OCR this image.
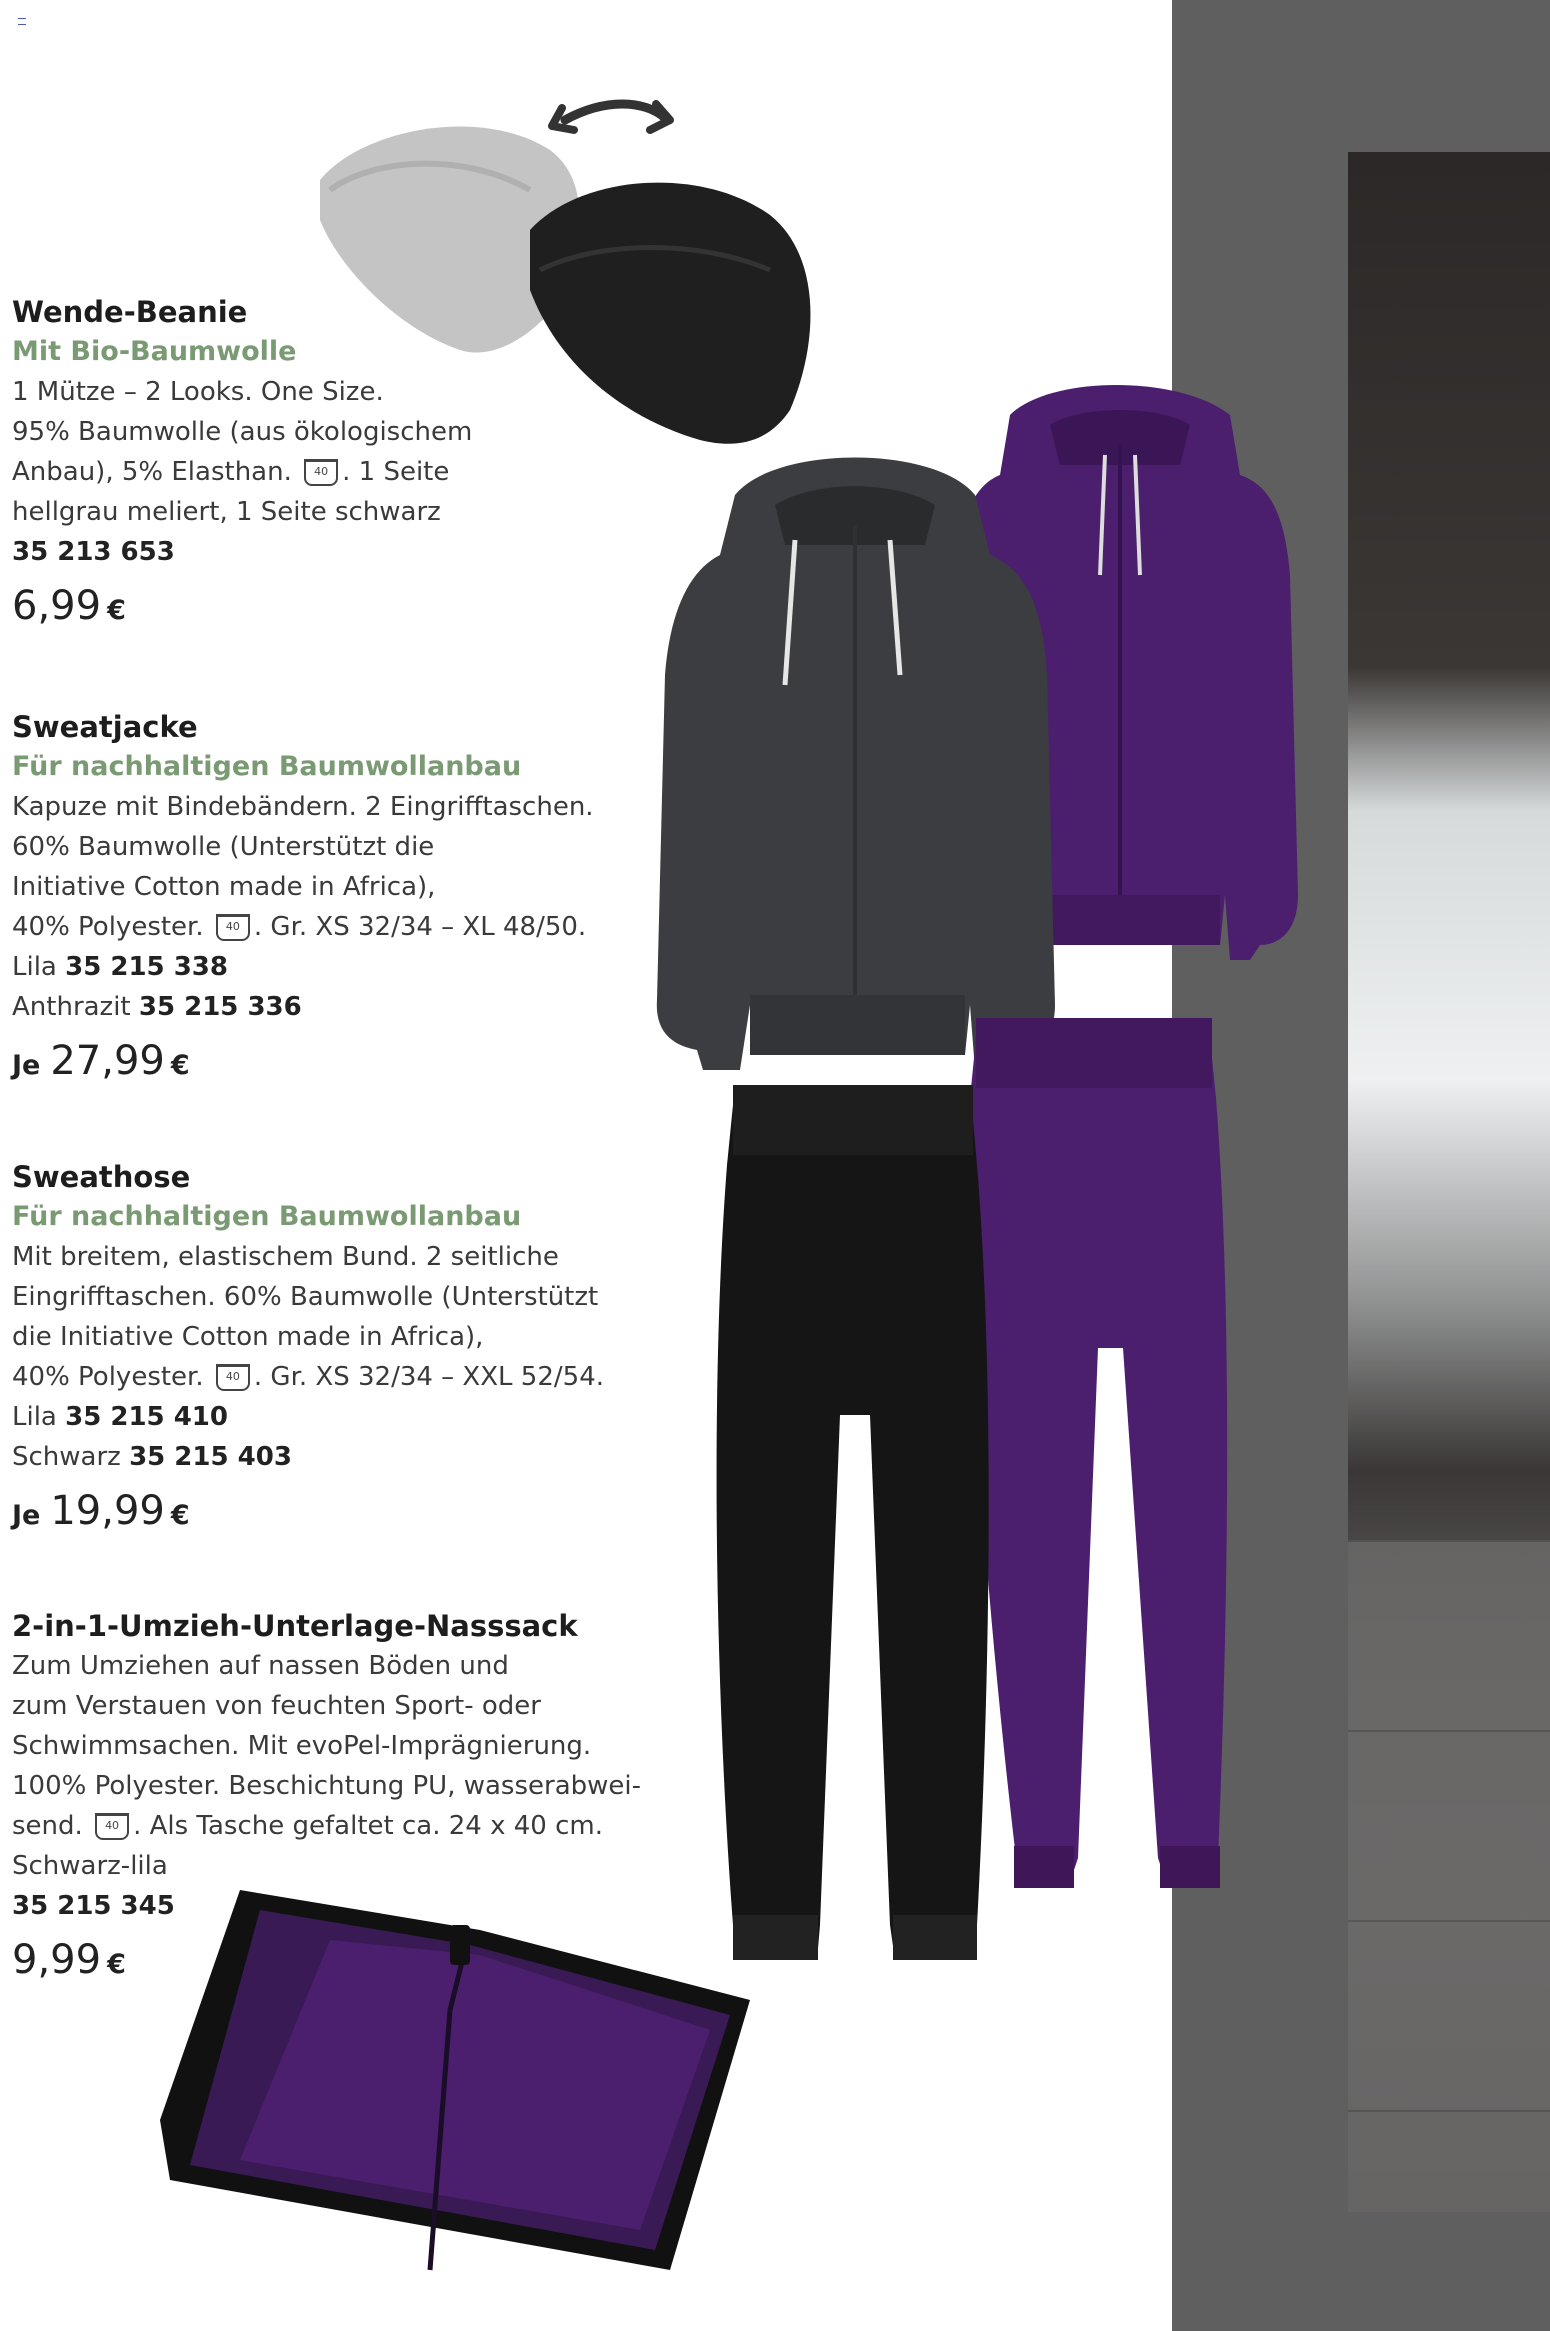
Wende-Beanie

Mit Bio-Baumwolle

1 Mütze – 2 Looks. One Size.

95% Baumwolle (aus ökologischem

Anbau), 5% Elasthan. 40 . 1 Seite

hellgrau meliert, 1 Seite schwarz

35 213 653

6,99 €

Sweatjacke

Für nachhaltigen Baumwollanbau

Kapuze mit Bindebändern. 2 Eingrifftaschen.

60% Baumwolle (Unterstützt die

Initiative Cotton made in Africa),

40% Polyester. 40 . Gr. XS 32/34 – XL 48/50.

Lila 35 215 338

Anthrazit 35 215 336

Je 27,99 €

Sweathose

Für nachhaltigen Baumwollanbau

Mit breitem, elastischem Bund. 2 seitliche

Eingrifftaschen. 60% Baumwolle (Unterstützt

die Initiative Cotton made in Africa),

40% Polyester. 40 . Gr. XS 32/34 – XXL 52/54.

Lila 35 215 410

Schwarz 35 215 403

Je 19,99 €

2-in-1-Umzieh-Unterlage-Nasssack

Zum Umziehen auf nassen Böden und

zum Verstauen von feuchten Sport- oder

Schwimmsachen. Mit evoPel-Imprägnierung.

100% Polyester. Beschichtung PU, wasserabwei-

send. 40 . Als Tasche gefaltet ca. 24 x 40 cm.

Schwarz-lila

35 215 345

9,99 €
